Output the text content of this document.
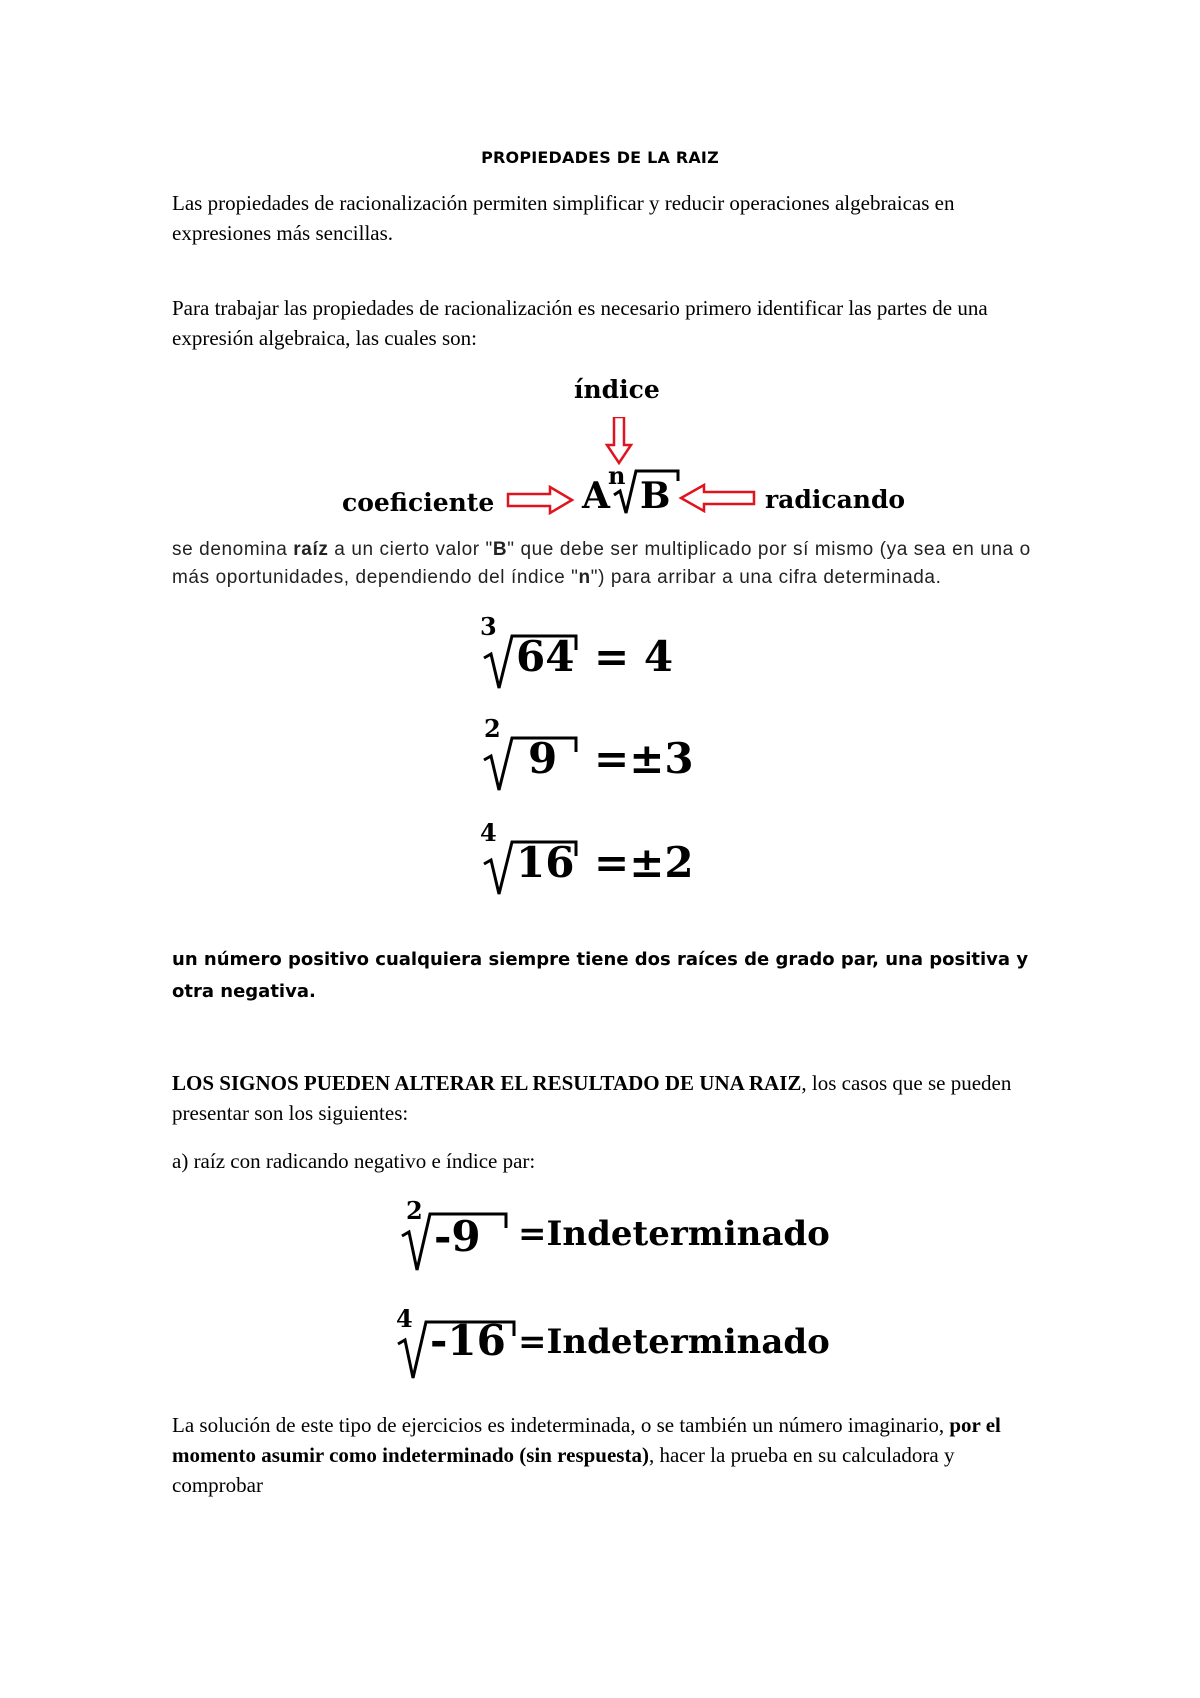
PROPIEDADES DE LA RAIZ
Las propiedades de racionalización permiten simplificar y reducir operaciones algebraicas en expresiones más sencillas.
Para trabajar las propiedades de racionalización es necesario primero identificar las partes de una expresión algebraica, las cuales son:
índice
coeficiente	radicando
A
n B
se denomina raíz a un cierto valor "B" que debe ser multiplicado por sí mismo (ya sea en una o más oportunidades, dependiendo del índice "n") para arribar a una cifra determinada.
3
64 = 4
2
9 =±3
4
16 =±2
un número positivo cualquiera siempre tiene dos raíces de grado par, una positiva y otra negativa.
LOS SIGNOS PUEDEN ALTERAR EL RESULTADO DE UNA RAIZ, los casos que se pueden presentar son los siguientes:
a) raíz con radicando negativo e índice par:
2
-9 =Indeterminado
4 -16 =Indeterminado
La solución de este tipo de ejercicios es indeterminada, o se también un número imaginario, por el momento asumir como indeterminado (sin respuesta), hacer la prueba en su calculadora y comprobar
